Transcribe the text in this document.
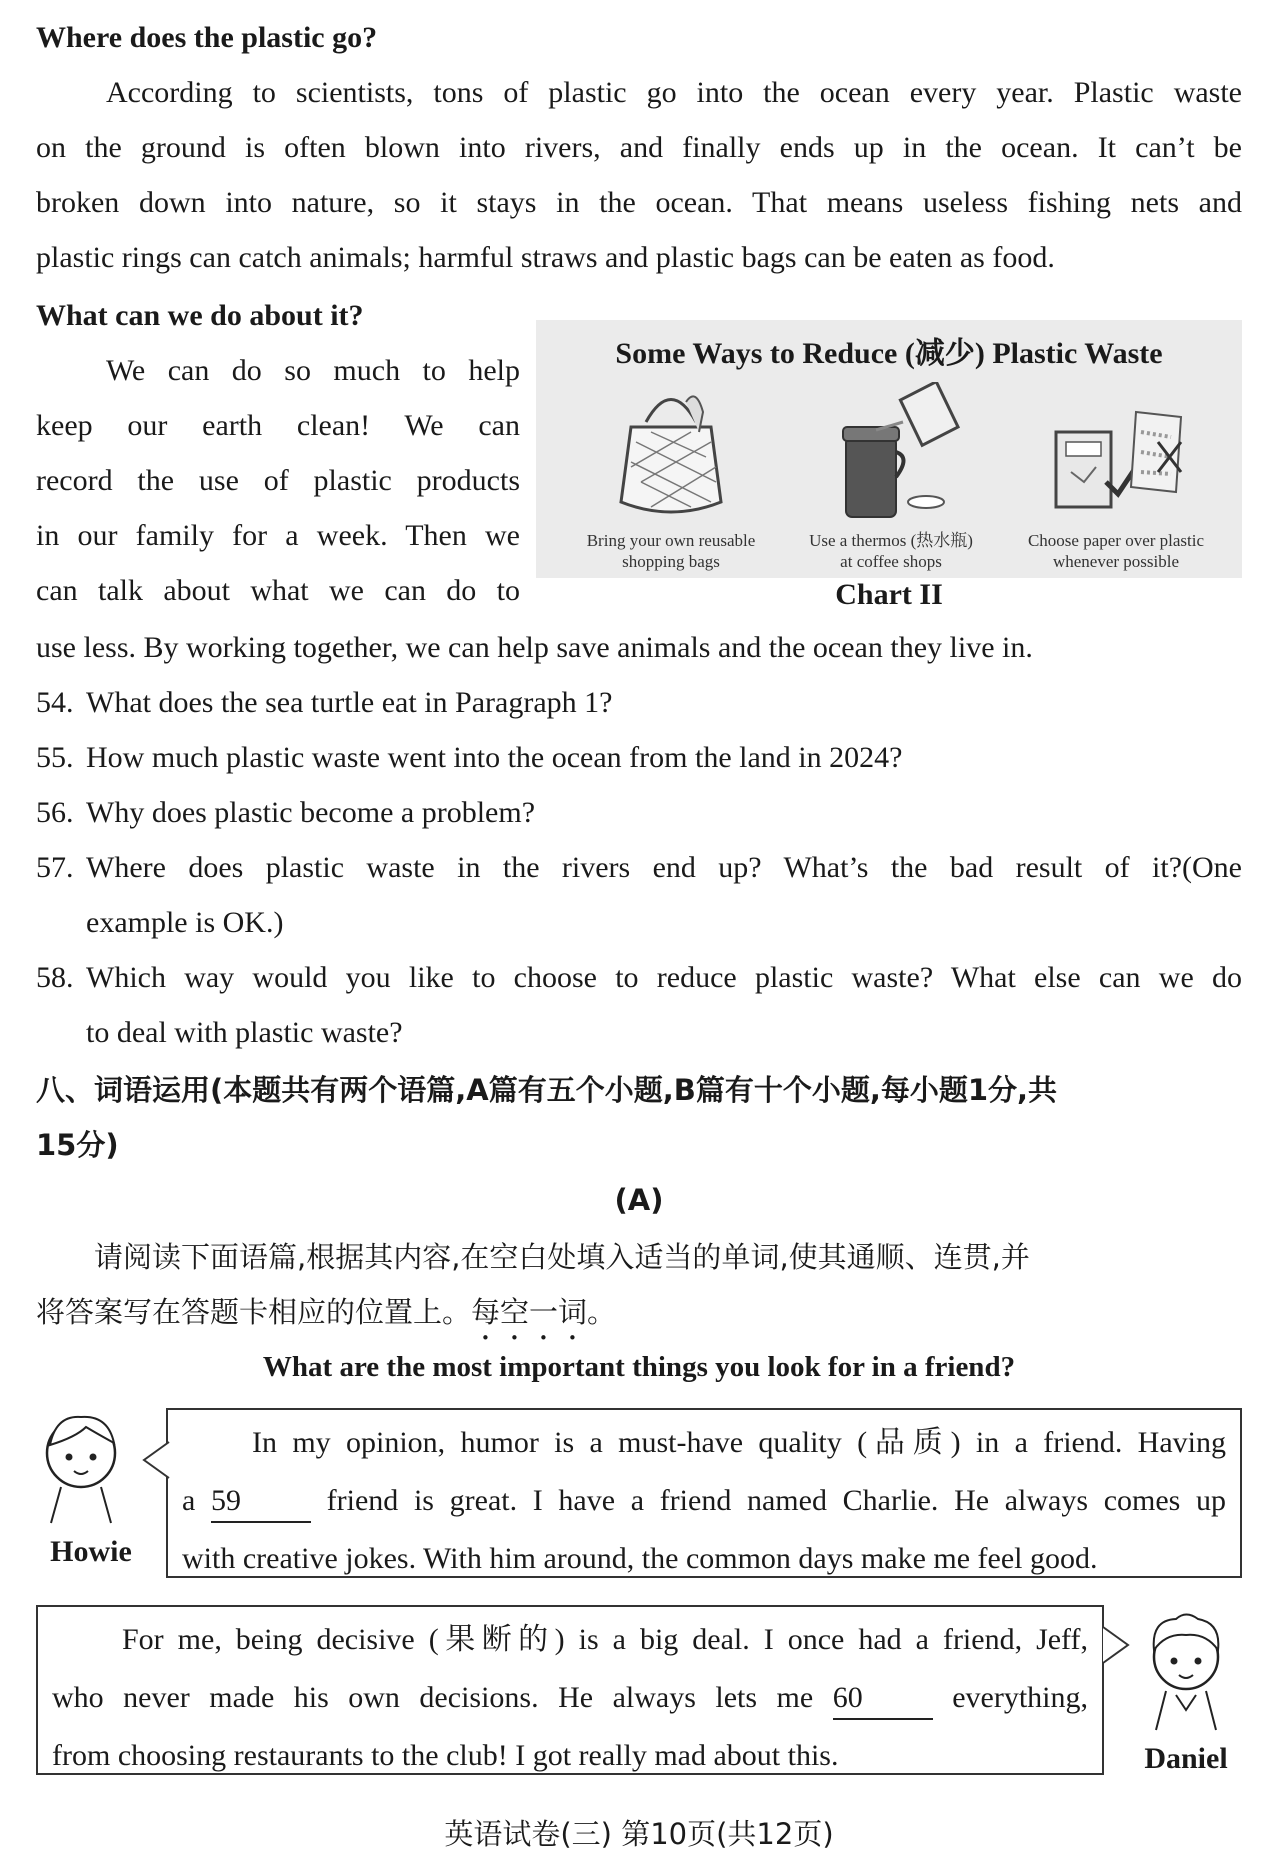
Where does the plastic go?
According to scientists, tons of plastic go into the ocean every year. Plastic waste
on the ground is often blown into rivers, and finally ends up in the ocean. It can’t be
broken down into nature, so it stays in the ocean. That means useless fishing nets and
plastic rings can catch animals; harmful straws and plastic bags can be eaten as food.
What can we do about it?
We can do so much to help
keep our earth clean! We can
record the use of plastic products
in our family for a week. Then we
can talk about what we can do to
use less. By working together, we can help save animals and the ocean they live in.
Some Ways to Reduce (减少) Plastic Waste
Bring your own reusable
shopping bags
Use a thermos (热水瓶)
at coffee shops
Choose paper over plastic
whenever possible
Chart II
54. What does the sea turtle eat in Paragraph 1?
55. How much plastic waste went into the ocean from the land in 2024?
56. Why does plastic become a problem?
57. Where does plastic waste in the rivers end up? What’s the bad result of it?(One
example is OK.)
58. Which way would you like to choose to reduce plastic waste? What else can we do
to deal with plastic waste?
八、词语运用(本题共有两个语篇,A篇有五个小题,B篇有十个小题,每小题1分,共
15分)
(A)
请阅读下面语篇,根据其内容,在空白处填入适当的单词,使其通顺、连贯,并
将答案写在答题卡相应的位置上。每空一词。
What are the most important things you look for in a friend?
Howie
In my opinion, humor is a must-have quality (品质) in a friend. Having
a 59	friend is great. I have a friend named Charlie. He always comes up
with creative jokes. With him around, the common days make me feel good.
For me, being decisive (果断的) is a big deal. I once had a friend, Jeff,
who never made his own decisions. He always lets me 60	everything,
from choosing restaurants to the club! I got really mad about this.	Daniel
英语试卷(三) 第10页(共12页)
